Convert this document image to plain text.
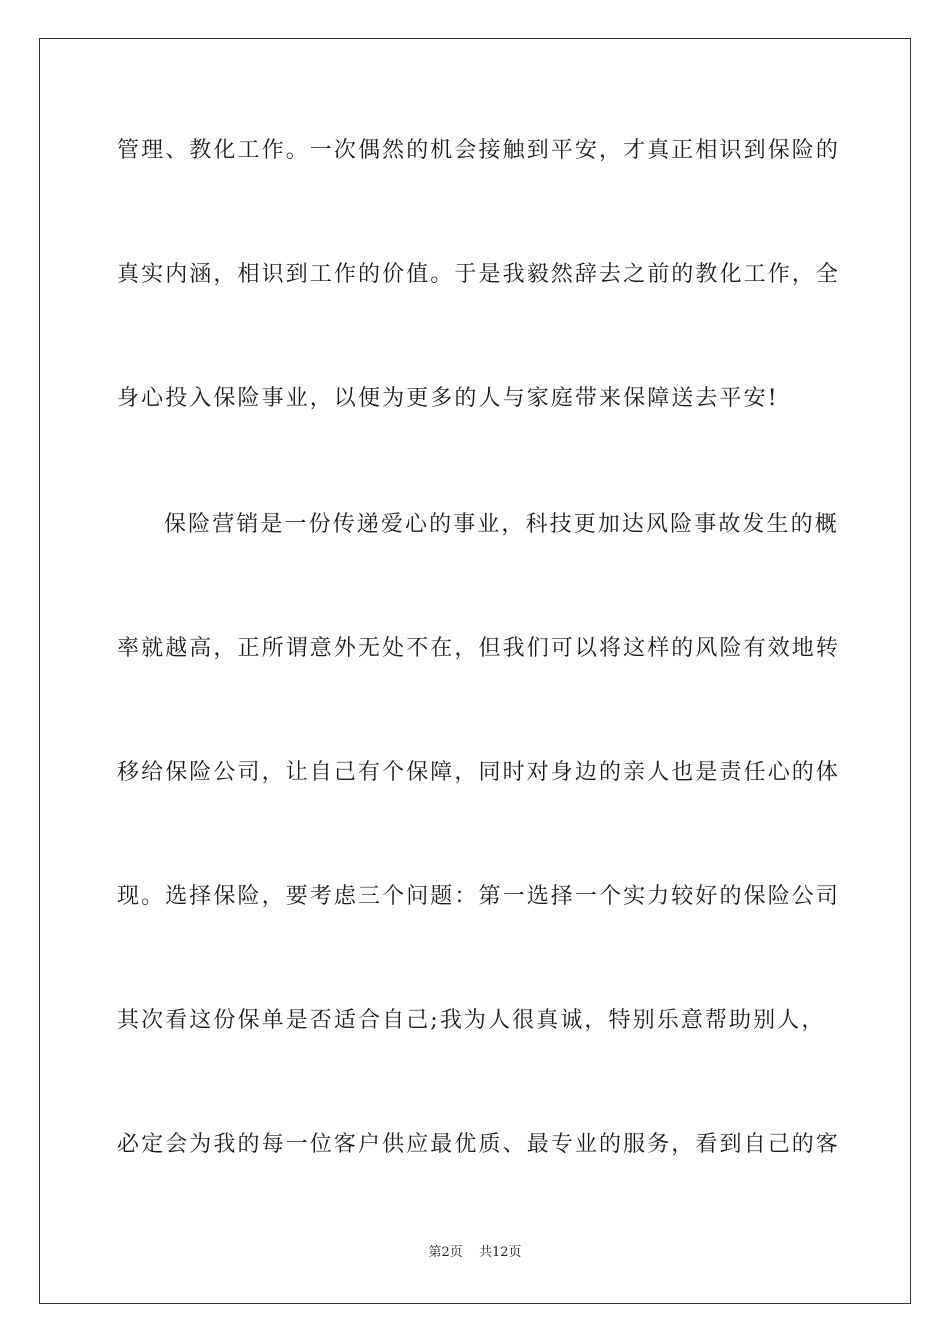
管理、教化工作。一次偶然的机会接触到平安，才真正相识到保险的
真实内涵，相识到工作的价值。于是我毅然辞去之前的教化工作，全
身心投入保险事业，以便为更多的人与家庭带来保障送去平安!
保险营销是一份传递爱心的事业，科技更加达风险事故发生的概
率就越高，正所谓意外无处不在，但我们可以将这样的风险有效地转
移给保险公司，让自己有个保障，同时对身边的亲人也是责任心的体
现。选择保险，要考虑三个问题：第一选择一个实力较好的保险公司
其次看这份保单是否适合自己;我为人很真诚，特别乐意帮助别人，
必定会为我的每一位客户供应最优质、最专业的服务，看到自己的客
第2页 共12页
